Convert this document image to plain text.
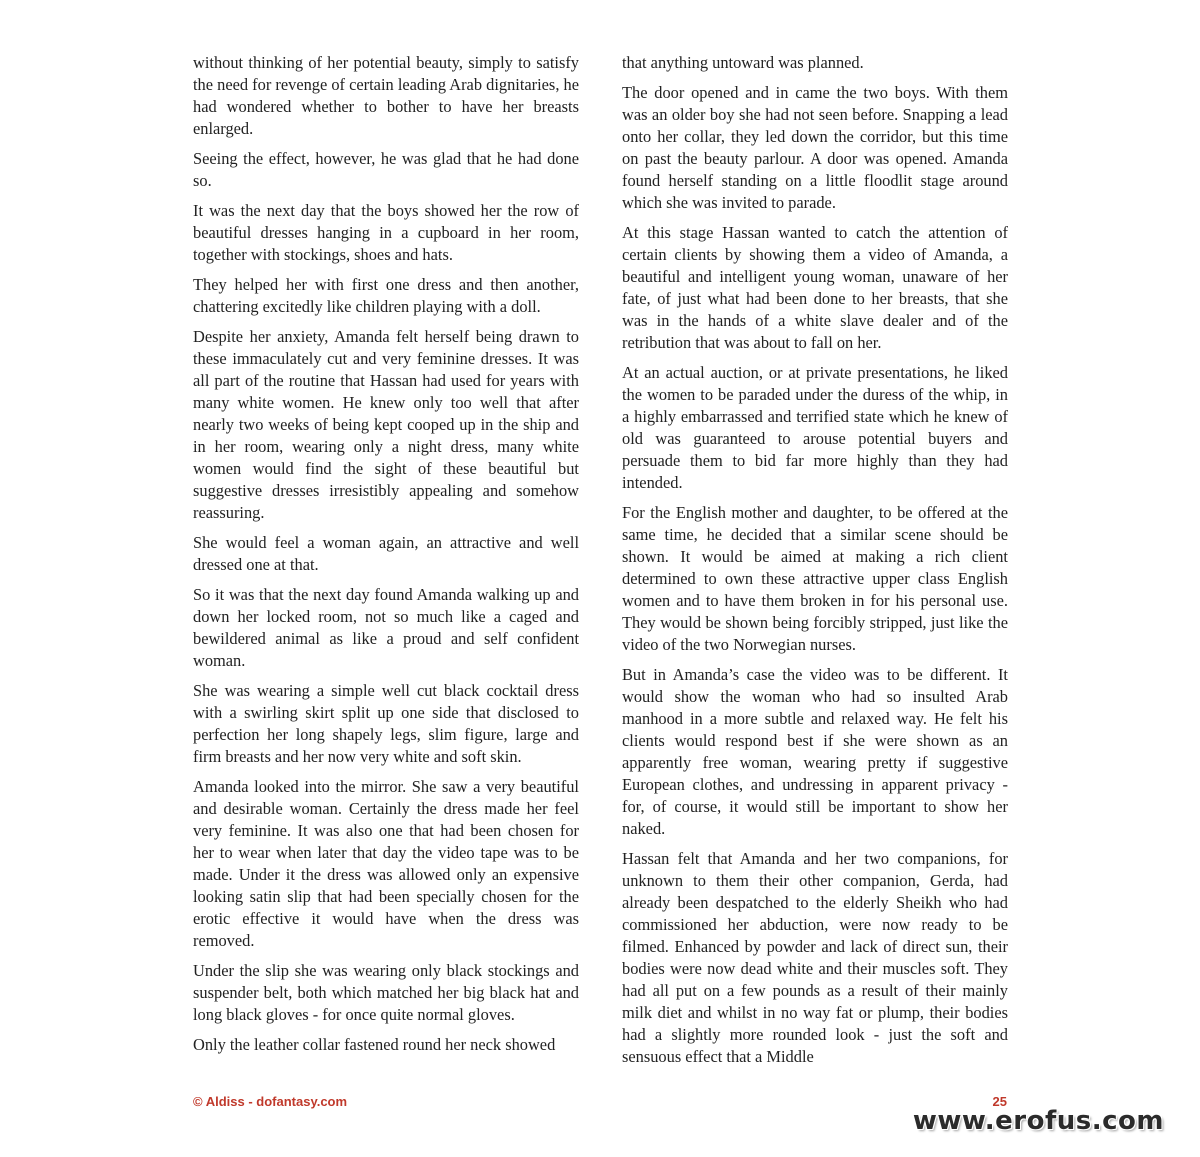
without thinking of her potential beauty, simply to satisfy the need for revenge of certain leading Arab dignitaries, he had wondered whether to bother to have her breasts enlarged.

Seeing the effect, however, he was glad that he had done so.

It was the next day that the boys showed her the row of beautiful dresses hanging in a cupboard in her room, together with stockings, shoes and hats.

They helped her with first one dress and then another, chattering excitedly like children playing with a doll.

Despite her anxiety, Amanda felt herself being drawn to these immaculately cut and very feminine dresses. It was all part of the routine that Hassan had used for years with many white women. He knew only too well that after nearly two weeks of being kept cooped up in the ship and in her room, wearing only a night dress, many white women would find the sight of these beautiful but suggestive dresses irresistibly appealing and somehow reassuring.

She would feel a woman again, an attractive and well dressed one at that.

So it was that the next day found Amanda walking up and down her locked room, not so much like a caged and bewildered animal as like a proud and self confident woman.

She was wearing a simple well cut black cocktail dress with a swirling skirt split up one side that disclosed to perfection her long shapely legs, slim figure, large and firm breasts and her now very white and soft skin.

Amanda looked into the mirror. She saw a very beautiful and desirable woman. Certainly the dress made her feel very feminine. It was also one that had been chosen for her to wear when later that day the video tape was to be made. Under it the dress was allowed only an expensive looking satin slip that had been specially chosen for the erotic effective it would have when the dress was removed.

Under the slip she was wearing only black stockings and suspender belt, both which matched her big black hat and long black gloves - for once quite normal gloves.

Only the leather collar fastened round her neck showed

that anything untoward was planned.

The door opened and in came the two boys. With them was an older boy she had not seen before. Snapping a lead onto her collar, they led down the corridor, but this time on past the beauty parlour. A door was opened. Amanda found herself standing on a little floodlit stage around which she was invited to parade.

At this stage Hassan wanted to catch the attention of certain clients by showing them a video of Amanda, a beautiful and intelligent young woman, unaware of her fate, of just what had been done to her breasts, that she was in the hands of a white slave dealer and of the retribution that was about to fall on her.

At an actual auction, or at private presentations, he liked the women to be paraded under the duress of the whip, in a highly embarrassed and terrified state which he knew of old was guaranteed to arouse potential buyers and persuade them to bid far more highly than they had intended.

For the English mother and daughter, to be offered at the same time, he decided that a similar scene should be shown. It would be aimed at making a rich client determined to own these attractive upper class English women and to have them broken in for his personal use. They would be shown being forcibly stripped, just like the video of the two Norwegian nurses.

But in Amanda’s case the video was to be different. It would show the woman who had so insulted Arab manhood in a more subtle and relaxed way. He felt his clients would respond best if she were shown as an apparently free woman, wearing pretty if suggestive European clothes, and undressing in apparent privacy - for, of course, it would still be important to show her naked.

Hassan felt that Amanda and her two companions, for unknown to them their other companion, Gerda, had already been despatched to the elderly Sheikh who had commissioned her abduction, were now ready to be filmed. Enhanced by powder and lack of direct sun, their bodies were now dead white and their muscles soft. They had all put on a few pounds as a result of their mainly milk diet and whilst in no way fat or plump, their bodies had a slightly more rounded look - just the soft and sensuous effect that a Middle

© Aldiss - dofantasy.com	25
www.erofus.com
